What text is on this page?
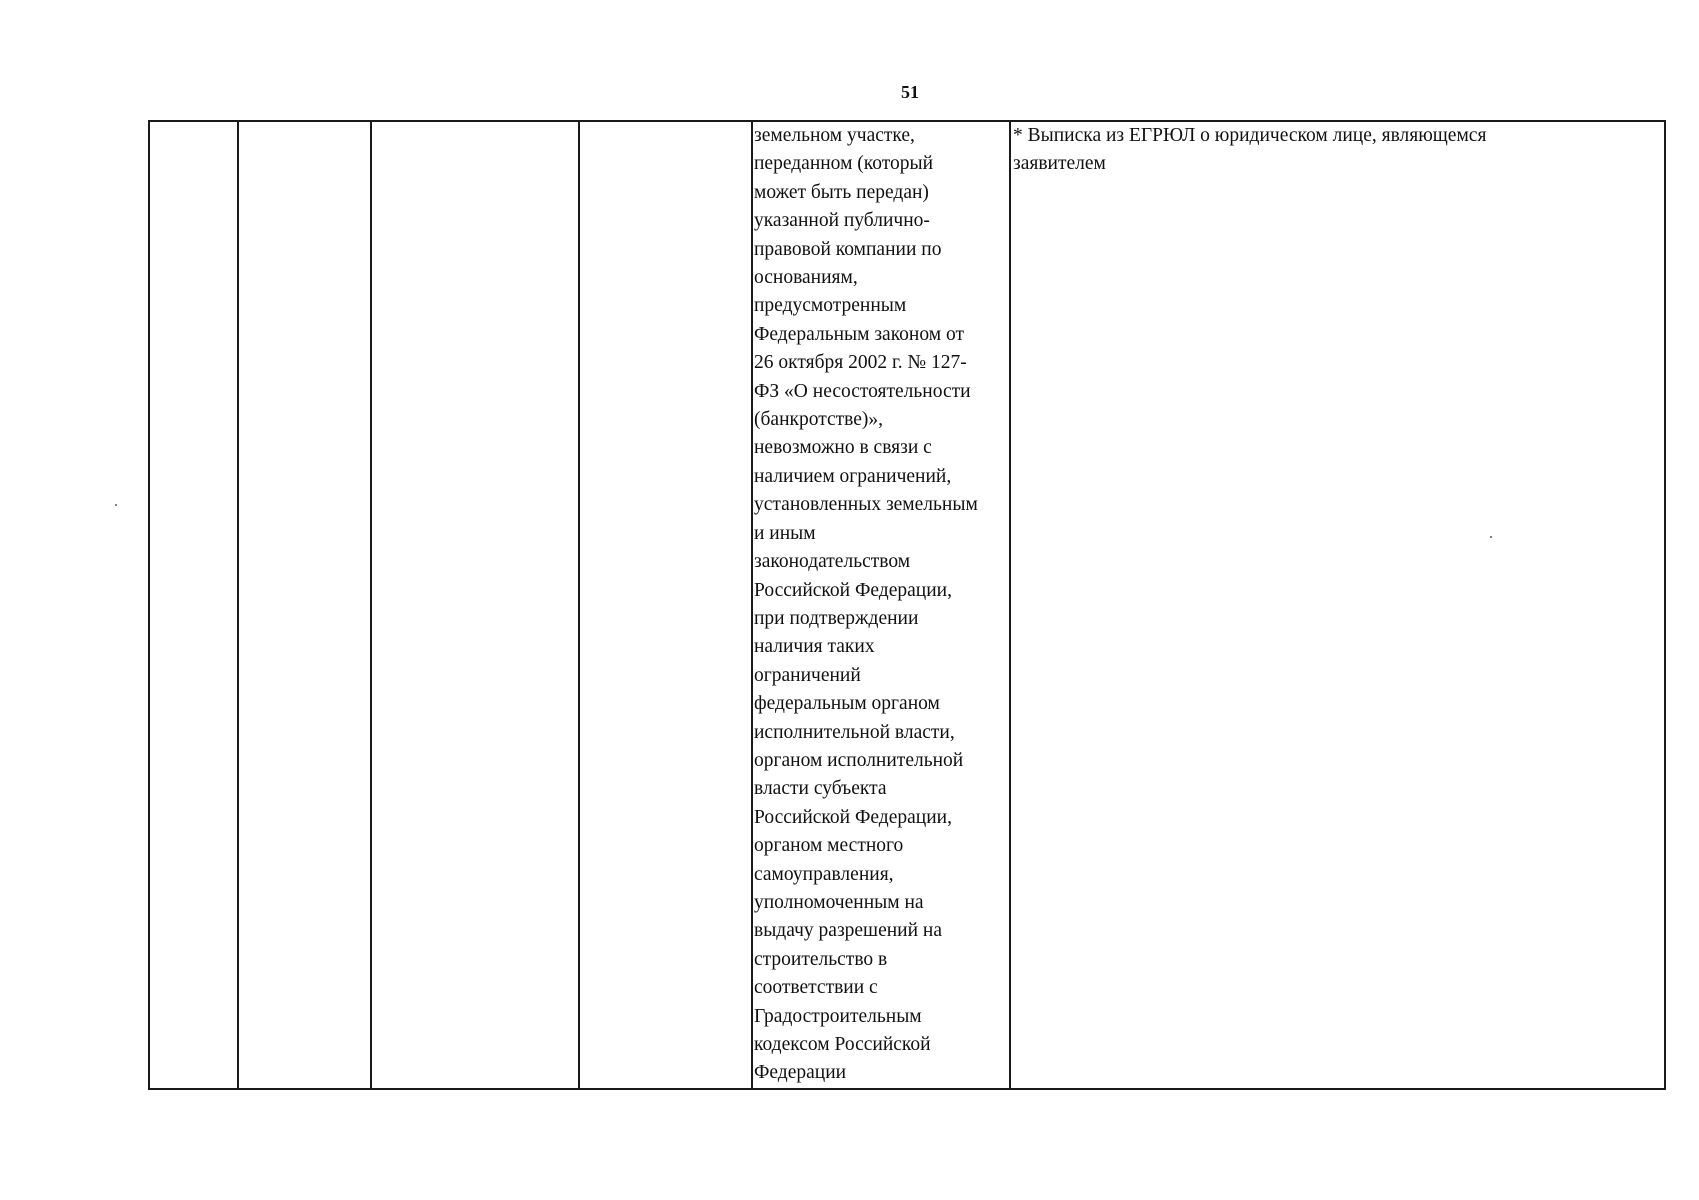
51
				земельном участке,
переданном (который
может быть передан)
указанной публично-
правовой компании по
основаниям,
предусмотренным
Федеральным законом от
26 октября 2002 г. № 127-
ФЗ «О несостоятельности
(банкротстве)»,
невозможно в связи с
наличием ограничений,
установленных земельным
и иным
законодательством
Российской Федерации,
при подтверждении
наличия таких
ограничений
федеральным органом
исполнительной власти,
органом исполнительной
власти субъекта
Российской Федерации,
органом местного
самоуправления,
уполномоченным на
выдачу разрешений на
строительство в
соответствии с
Градостроительным
кодексом Российской
Федерации	* Выписка из ЕГРЮЛ о юридическом лице, являющемся
заявителем
